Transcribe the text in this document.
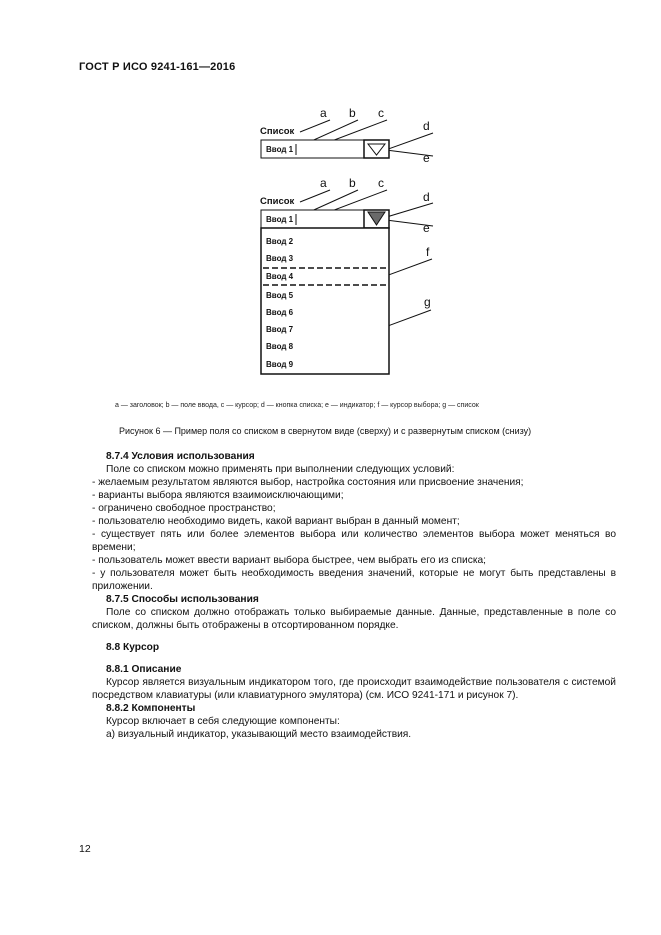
ГОСТ Р ИСО 9241-161—2016
Список
a b c
d
e
Ввод 1
Список
a b c
d
e
f
g
Ввод 1
Ввод 2
Ввод 3
Ввод 4
Ввод 5
Ввод 6
Ввод 7
Ввод 8
Ввод 9
a — заголовок; b — поле ввода, c — курсор; d — кнопка списка; e — индикатор; f — курсор выбора; g — список
Рисунок 6 — Пример поля со списком в свернутом виде (сверху) и с развернутым списком (снизу)

8.7.4 Условия использования

Поле со списком можно применять при выполнении следующих условий:

- желаемым результатом являются выбор, настройка состояния или присвоение значения;

- варианты выбора являются взаимоисключающими;

- ограничено свободное пространство;

- пользователю необходимо видеть, какой вариант выбран в данный момент;

- существует пять или более элементов выбора или количество элементов выбора может меняться во времени;

- пользователь может ввести вариант выбора быстрее, чем выбрать его из списка;

- у пользователя может быть необходимость введения значений, которые не могут быть представлены в приложении.

8.7.5 Способы использования

Поле со списком должно отображать только выбираемые данные. Данные, представленные в поле со списком, должны быть отображены в отсортированном порядке.

8.8 Курсор

8.8.1 Описание

Курсор является визуальным индикатором того, где происходит взаимодействие пользователя с системой посредством клавиатуры (или клавиатурного эмулятора) (см. ИСО 9241-171 и рисунок 7).

8.8.2 Компоненты

Курсор включает в себя следующие компоненты:

а) визуальный индикатор, указывающий место взаимодействия.

12
